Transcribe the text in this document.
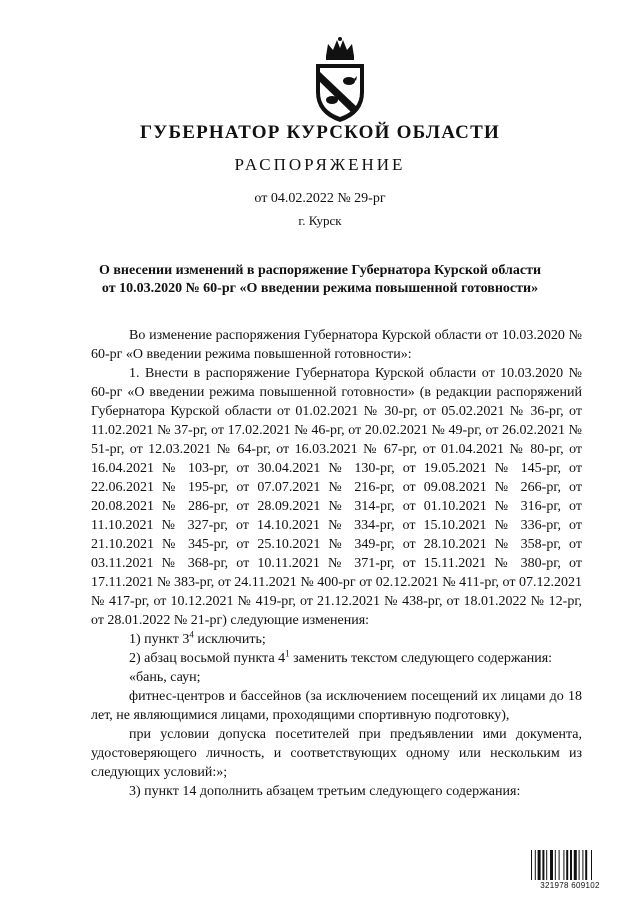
ГУБЕРНАТОР КУРСКОЙ ОБЛАСТИ
РАСПОРЯЖЕНИЕ
от 04.02.2022 № 29-рг
г. Курск
О внесении изменений в распоряжение Губернатора Курской области
от 10.03.2020 № 60-рг «О введении режима повышенной готовности»

Во изменение распоряжения Губернатора Курской области от 10.03.2020 № 60-рг «О введении режима повышенной готовности»:

1. Внести в распоряжение Губернатора Курской области от 10.03.2020 № 60-рг «О введении режима повышенной готовности» (в редакции распоряжений Губернатора Курской области от 01.02.2021 № 30-рг, от 05.02.2021 № 36-рг, от 11.02.2021 № 37-рг, от 17.02.2021 № 46-рг, от 20.02.2021 № 49-рг, от 26.02.2021 № 51-рг, от 12.03.2021 № 64-рг, от 16.03.2021 № 67-рг, от 01.04.2021 № 80-рг, от 16.04.2021 № 103-рг, от 30.04.2021 № 130-рг, от 19.05.2021 № 145-рг, от 22.06.2021 № 195-рг, от 07.07.2021 № 216-рг, от 09.08.2021 № 266-рг, от 20.08.2021 № 286-рг, от 28.09.2021 № 314-рг, от 01.10.2021 № 316-рг, от 11.10.2021 № 327-рг, от 14.10.2021 № 334-рг, от 15.10.2021 № 336-рг, от 21.10.2021 № 345-рг, от 25.10.2021 № 349-рг, от 28.10.2021 № 358-рг, от 03.11.2021 № 368-рг, от 10.11.2021 № 371-рг, от 15.11.2021 № 380-рг, от 17.11.2021 № 383-рг, от 24.11.2021 № 400-рг от 02.12.2021 № 411-рг, от 07.12.2021 № 417-рг, от 10.12.2021 № 419-рг, от 21.12.2021 № 438-рг, от 18.01.2022 № 12-рг, от 28.01.2022 № 21-рг) следующие изменения:

1) пункт $3^4$ исключить;

2) абзац восьмой пункта $4^1$ заменить текстом следующего содержания:

«бань, саун;

фитнес-центров и бассейнов (за исключением посещений их лицами до 18 лет, не являющимися лицами, проходящими спортивную подготовку),

при условии допуска посетителей при предъявлении ими документа, удостоверяющего личность, и соответствующих одному или нескольким из следующих условий:»;

3) пункт 14 дополнить абзацем третьим следующего содержания:

321978 609102
